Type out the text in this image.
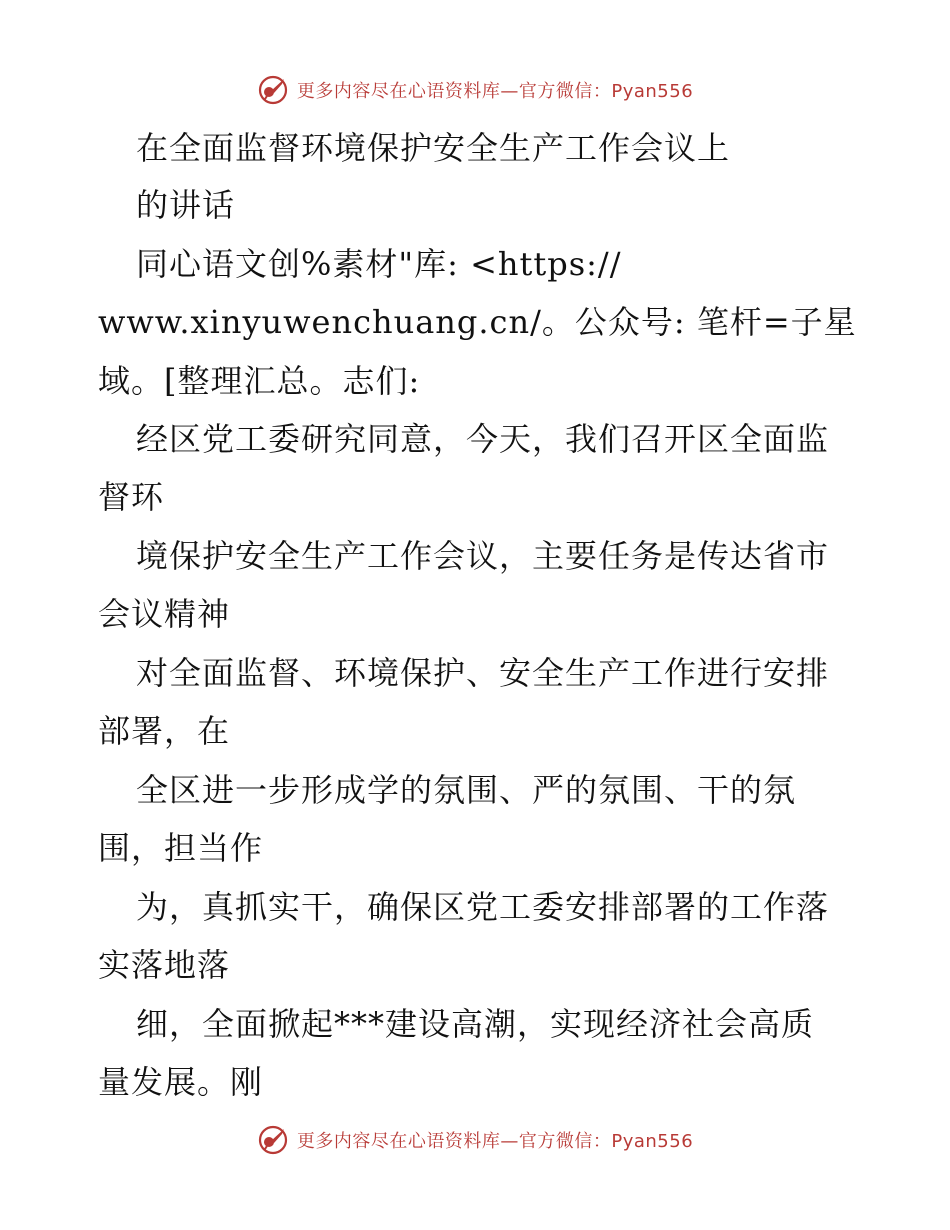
更多内容尽在心语资料库—官方微信：Pyan556
在全面监督环境保护安全生产工作会议上
的讲话
同心语文创%素材"库: <https://
www.xinyuwenchuang.cn/。公众号: 笔杆=子星
域。[整理汇总。志们:
经区党工委研究同意，今天，我们召开区全面监
督环
境保护安全生产工作会议，主要任务是传达省市
会议精神
对全面监督、环境保护、安全生产工作进行安排
部署，在
全区进一步形成学的氛围、严的氛围、干的氛
围，担当作
为，真抓实干，确保区党工委安排部署的工作落
实落地落
细，全面掀起***建设高潮，实现经济社会高质
量发展。刚
更多内容尽在心语资料库—官方微信：Pyan556
